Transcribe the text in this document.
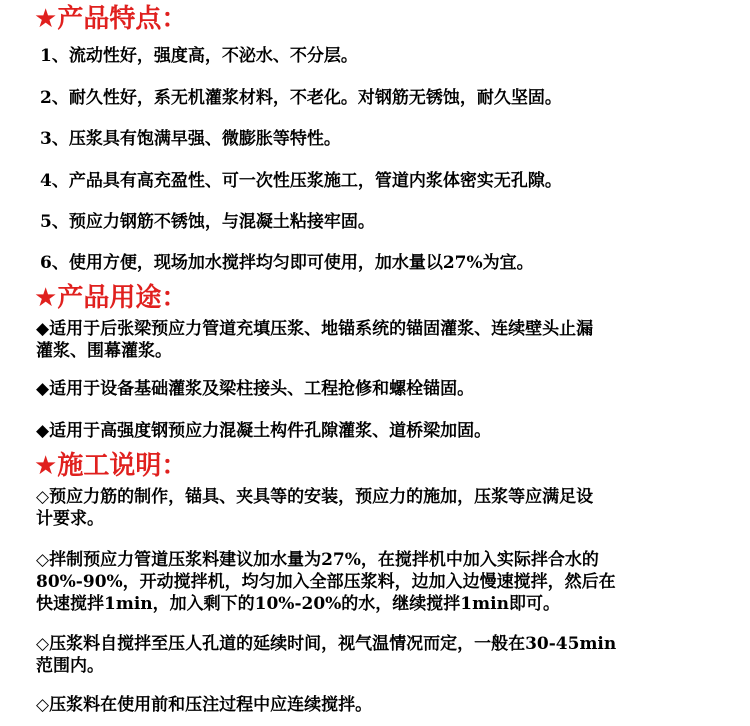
★产品特点：

1、流动性好，强度高，不泌水、不分层。

2、耐久性好，系无机灌浆材料，不老化。对钢筋无锈蚀，耐久坚固。

3、压浆具有饱满早强、微膨胀等特性。

4、产品具有高充盈性、可一次性压浆施工，管道内浆体密实无孔隙。

5、预应力钢筋不锈蚀，与混凝土粘接牢固。

6、使用方便，现场加水搅拌均匀即可使用，加水量以27%为宜。

★产品用途：
◆适用于后张梁预应力管道充填压浆、地锚系统的锚固灌浆、连续壁头止漏
灌浆、围幕灌浆。
◆适用于设备基础灌浆及梁柱接头、工程抢修和螺栓锚固。
◆适用于高强度钢预应力混凝土构件孔隙灌浆、道桥梁加固。
★施工说明：
◇预应力筋的制作，锚具、夹具等的安装，预应力的施加，压浆等应满足设
计要求。
◇拌制预应力管道压浆料建议加水量为27%，在搅拌机中加入实际拌合水的
80%-90%，开动搅拌机，均匀加入全部压浆料，边加入边慢速搅拌，然后在
快速搅拌1min，加入剩下的10%-20%的水，继续搅拌1min即可。
◇压浆料自搅拌至压人孔道的延续时间，视气温情况而定，一般在30-45min
范围内。
◇压浆料在使用前和压注过程中应连续搅拌。
